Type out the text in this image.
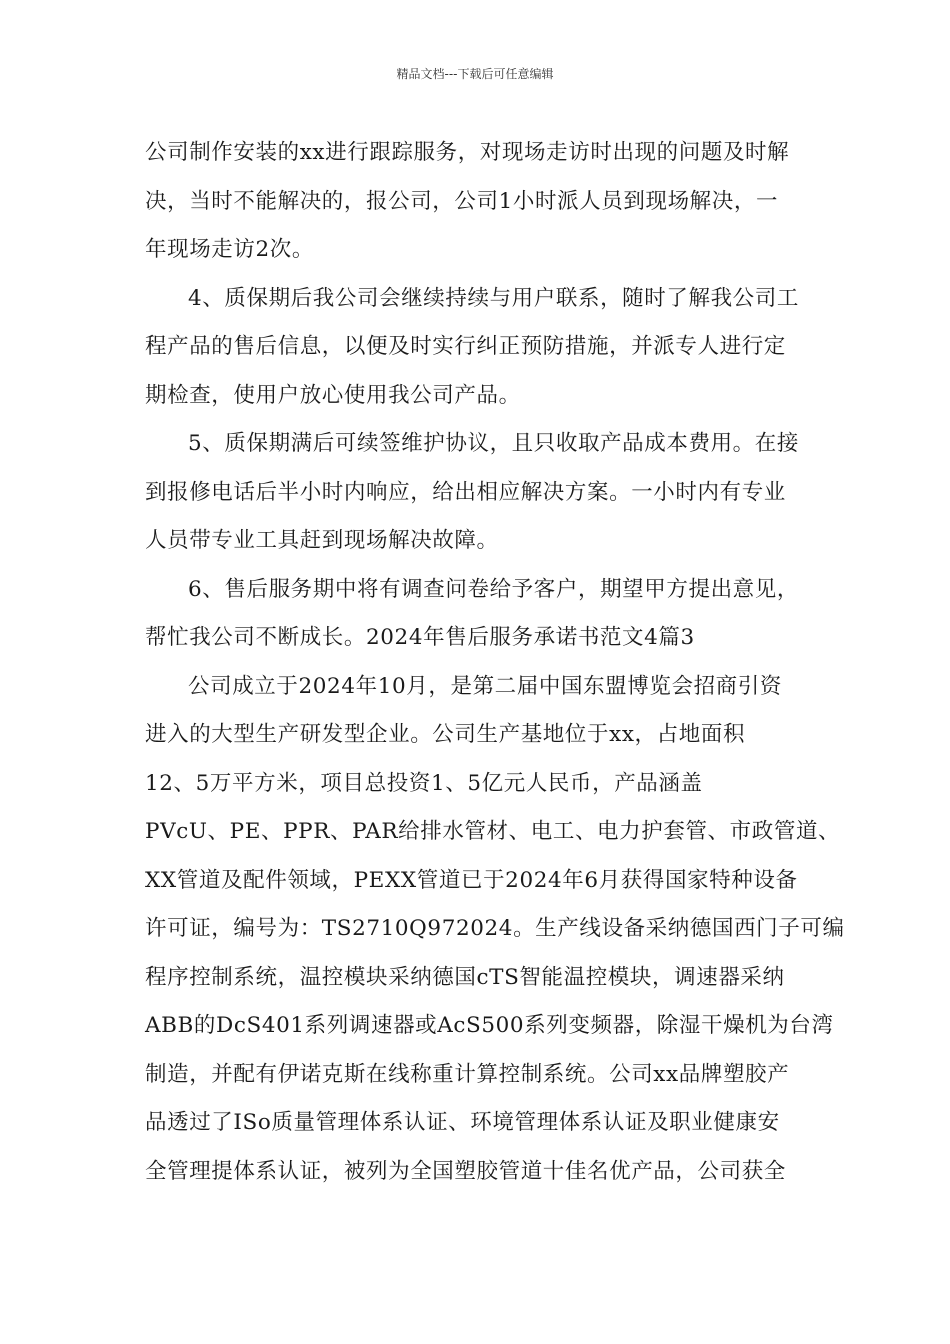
精品文档---下载后可任意编辑
公司制作安装的xx进行跟踪服务，对现场走访时出现的问题及时解
决，当时不能解决的，报公司，公司1小时派人员到现场解决，一
年现场走访2次。
4、质保期后我公司会继续持续与用户联系，随时了解我公司工
程产品的售后信息，以便及时实行纠正预防措施，并派专人进行定
期检查，使用户放心使用我公司产品。
5、质保期满后可续签维护协议，且只收取产品成本费用。在接
到报修电话后半小时内响应，给出相应解决方案。一小时内有专业
人员带专业工具赶到现场解决故障。
6、售后服务期中将有调查问卷给予客户，期望甲方提出意见，
帮忙我公司不断成长。2024年售后服务承诺书范文4篇3
公司成立于2024年10月，是第二届中国东盟博览会招商引资
进入的大型生产研发型企业。公司生产基地位于xx，占地面积
12、5万平方米，项目总投资1、5亿元人民币，产品涵盖
PVcU、PE、PPR、PAR给排水管材、电工、电力护套管、市政管道、
XX管道及配件领域，PEXX管道已于2024年6月获得国家特种设备
许可证，编号为：TS2710Q972024。生产线设备采纳德国西门子可编
程序控制系统，温控模块采纳德国cTS智能温控模块，调速器采纳
ABB的DcS401系列调速器或AcS500系列变频器，除湿干燥机为台湾
制造，并配有伊诺克斯在线称重计算控制系统。公司xx品牌塑胶产
品透过了ISo质量管理体系认证、环境管理体系认证及职业健康安
全管理提体系认证，被列为全国塑胶管道十佳名优产品，公司获全
